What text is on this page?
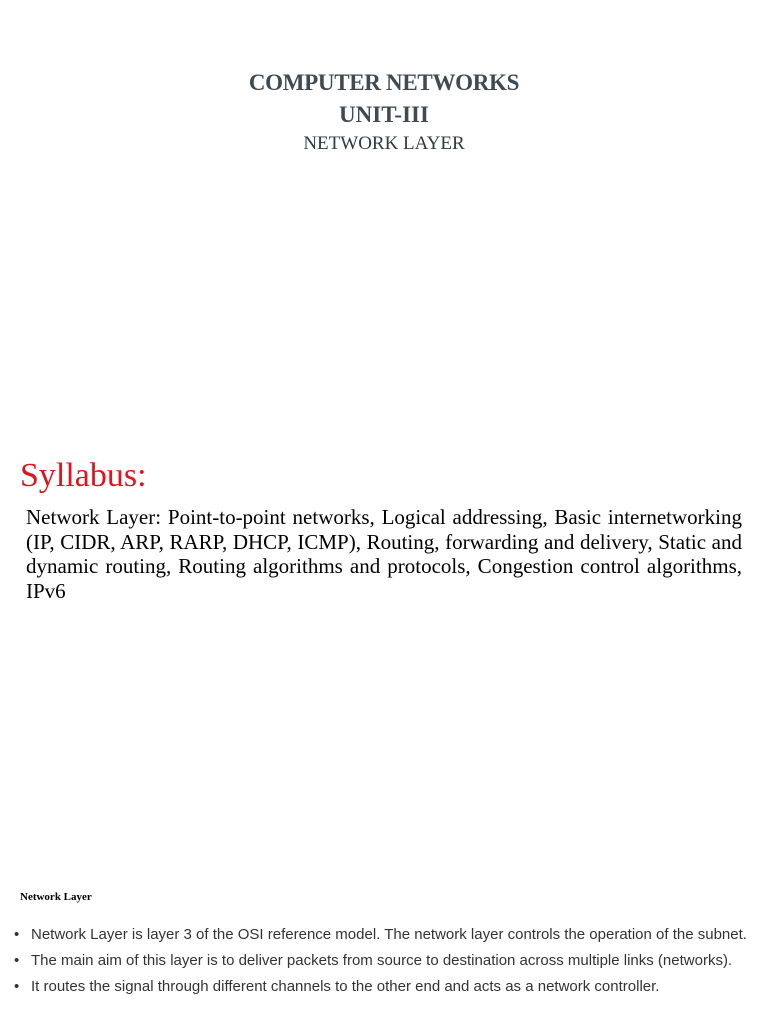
COMPUTER NETWORKS
UNIT-III
NETWORK LAYER
Syllabus:
Network Layer: Point-to-point networks, Logical addressing, Basic internetworking (IP, CIDR, ARP, RARP, DHCP, ICMP), Routing, forwarding and delivery, Static and dynamic routing, Routing algorithms and protocols, Congestion control algorithms, IPv6
Network Layer
• Network Layer is layer 3 of the OSI reference model. The network layer controls the operation of the subnet.
• The main aim of this layer is to deliver packets from source to destination across multiple links (networks).
• It routes the signal through different channels to the other end and acts as a network controller.
